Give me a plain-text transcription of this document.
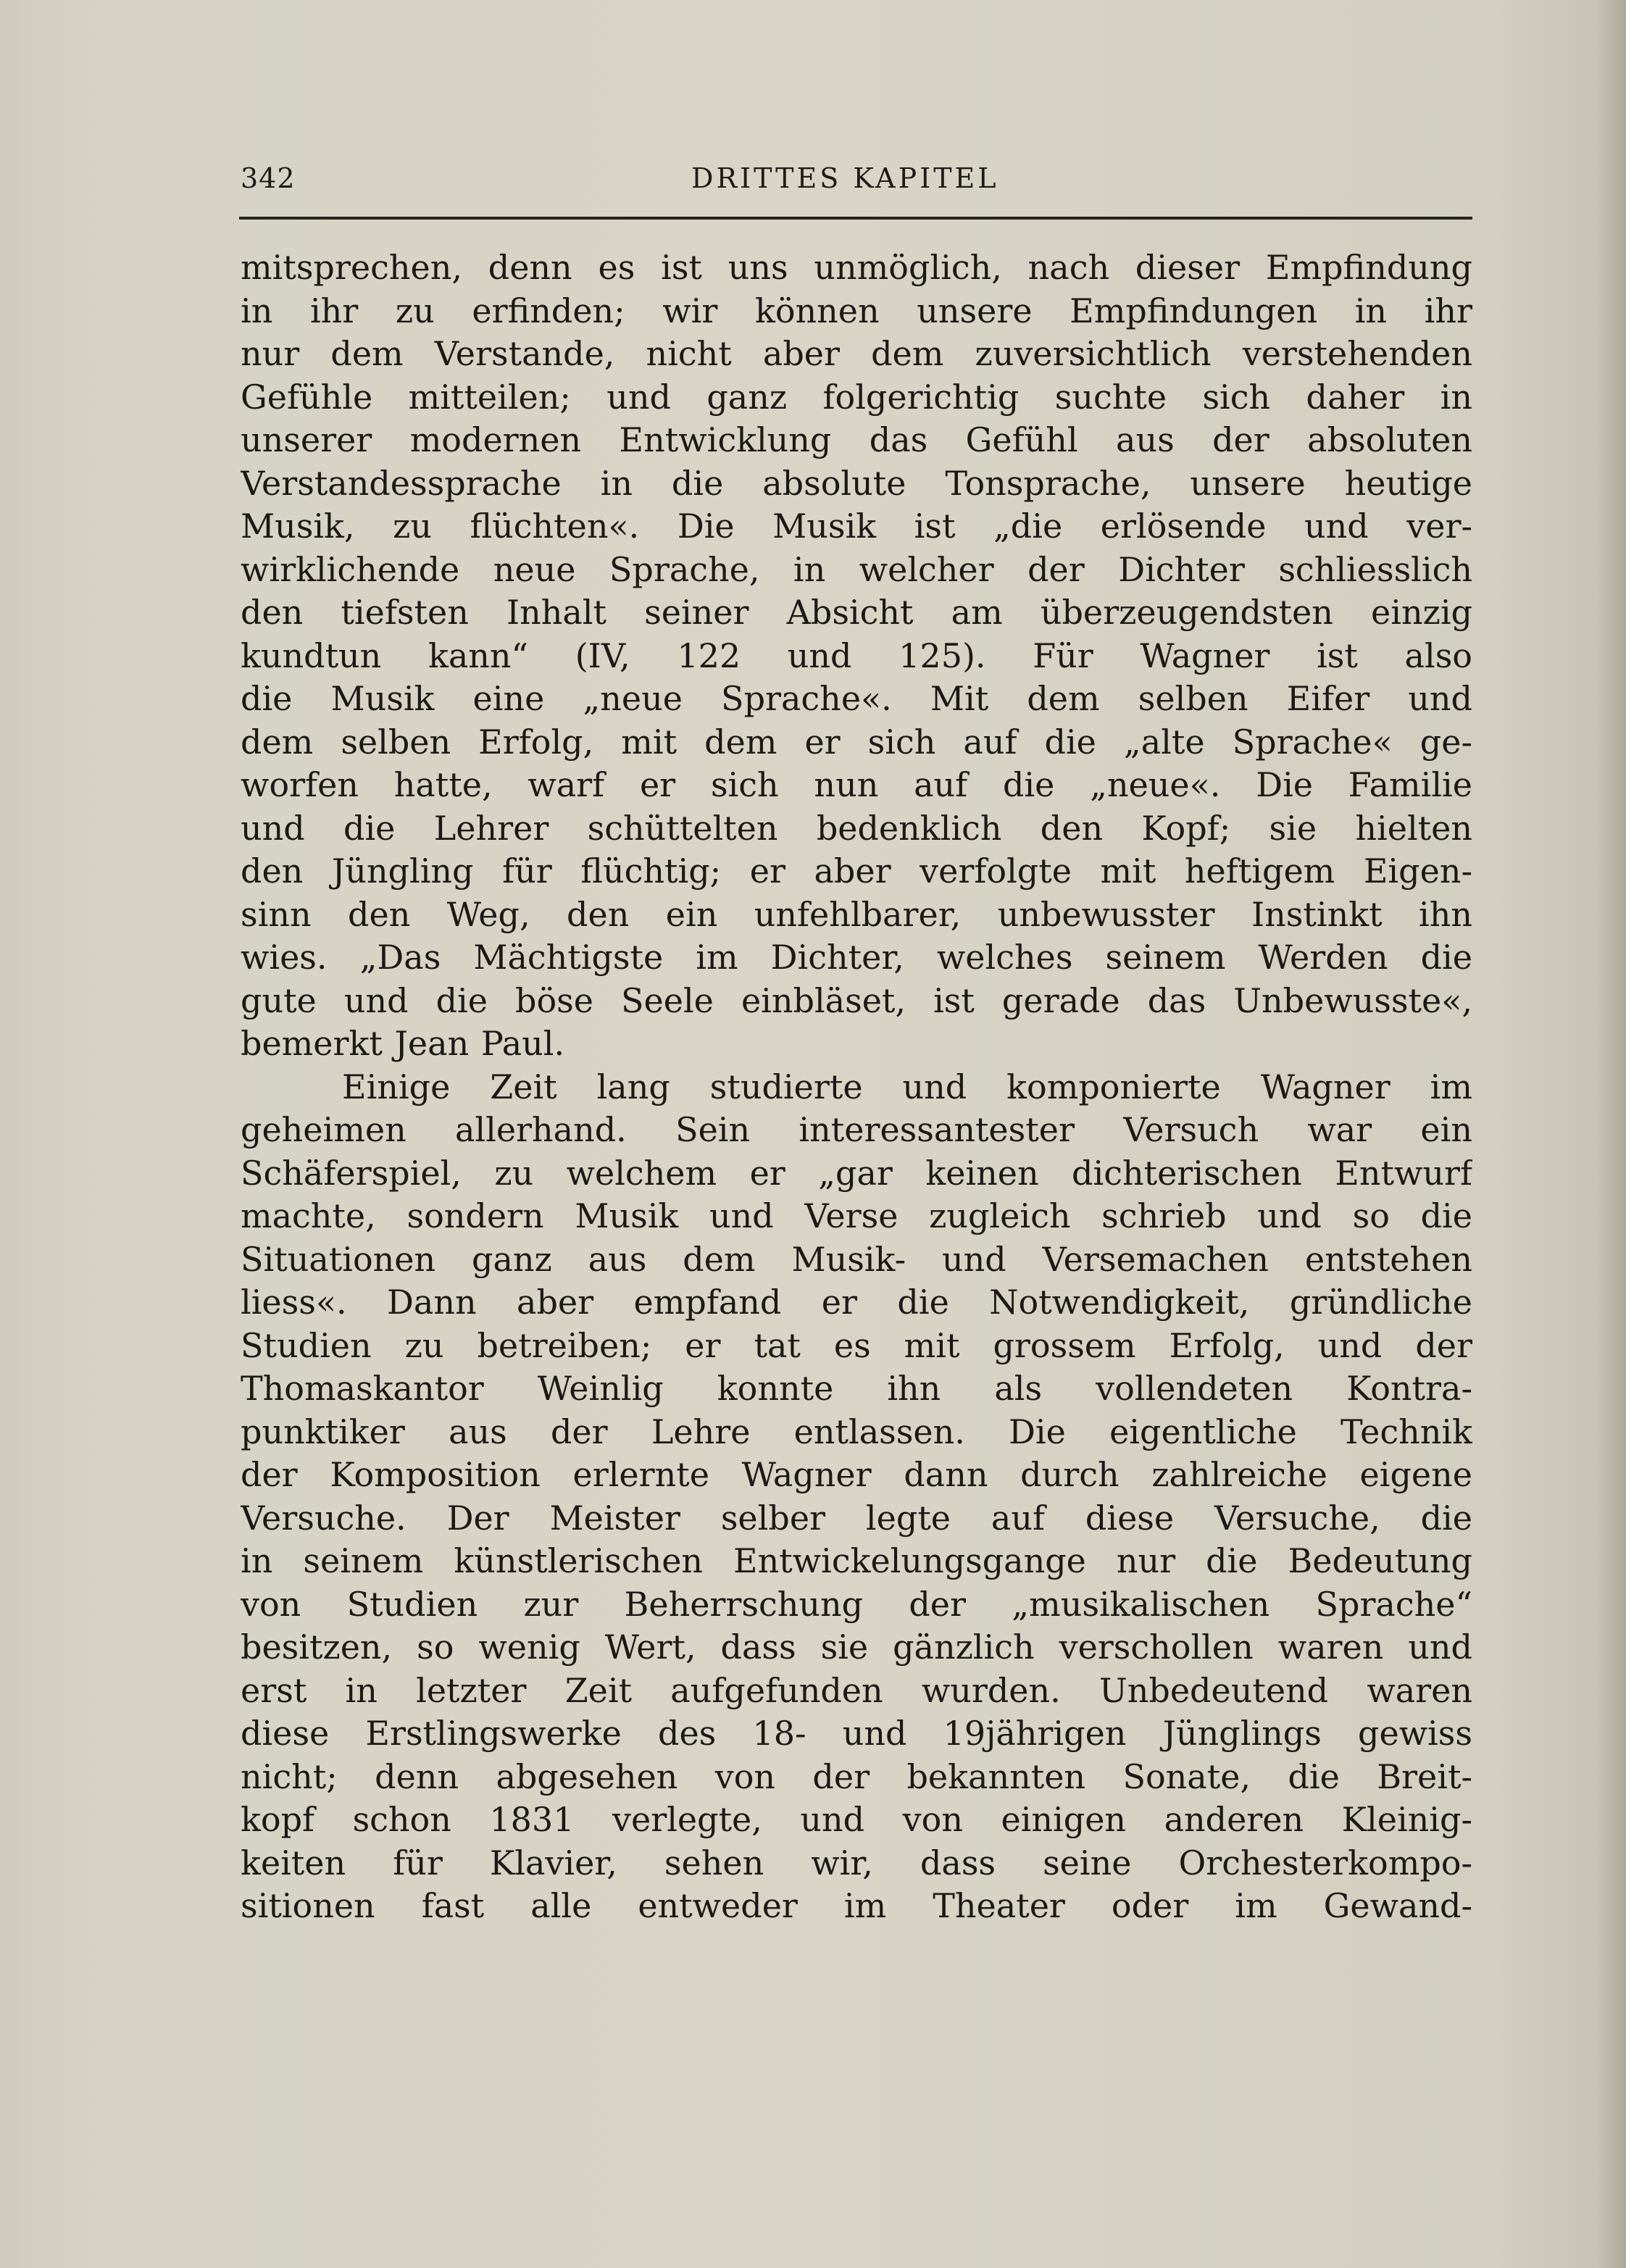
342	DRITTES KAPITEL
mitsprechen, denn es ist uns unmöglich, nach dieser Empfindung
in ihr zu erfinden; wir können unsere Empfindungen in ihr
nur dem Verstande, nicht aber dem zuversichtlich verstehenden
Gefühle mitteilen; und ganz folgerichtig suchte sich daher in
unserer modernen Entwicklung das Gefühl aus der absoluten
Verstandessprache in die absolute Tonsprache, unsere heutige
Musik, zu flüchten«. Die Musik ist „die erlösende und ver-
wirklichende neue Sprache, in welcher der Dichter schliesslich
den tiefsten Inhalt seiner Absicht am überzeugendsten einzig
kundtun kann“ (IV, 122 und 125). Für Wagner ist also
die Musik eine „neue Sprache«. Mit dem selben Eifer und
dem selben Erfolg, mit dem er sich auf die „alte Sprache« ge-
worfen hatte, warf er sich nun auf die „neue«. Die Familie
und die Lehrer schüttelten bedenklich den Kopf; sie hielten
den Jüngling für flüchtig; er aber verfolgte mit heftigem Eigen-
sinn den Weg, den ein unfehlbarer, unbewusster Instinkt ihn
wies. „Das Mächtigste im Dichter, welches seinem Werden die
gute und die böse Seele einbläset, ist gerade das Unbewusste«,
bemerkt Jean Paul.
Einige Zeit lang studierte und komponierte Wagner im
geheimen allerhand. Sein interessantester Versuch war ein
Schäferspiel, zu welchem er „gar keinen dichterischen Entwurf
machte, sondern Musik und Verse zugleich schrieb und so die
Situationen ganz aus dem Musik- und Versemachen entstehen
liess«. Dann aber empfand er die Notwendigkeit, gründliche
Studien zu betreiben; er tat es mit grossem Erfolg, und der
Thomaskantor Weinlig konnte ihn als vollendeten Kontra-
punktiker aus der Lehre entlassen. Die eigentliche Technik
der Komposition erlernte Wagner dann durch zahlreiche eigene
Versuche. Der Meister selber legte auf diese Versuche, die
in seinem künstlerischen Entwickelungsgange nur die Bedeutung
von Studien zur Beherrschung der „musikalischen Sprache“
besitzen, so wenig Wert, dass sie gänzlich verschollen waren und
erst in letzter Zeit aufgefunden wurden. Unbedeutend waren
diese Erstlingswerke des 18- und 19jährigen Jünglings gewiss
nicht; denn abgesehen von der bekannten Sonate, die Breit-
kopf schon 1831 verlegte, und von einigen anderen Kleinig-
keiten für Klavier, sehen wir, dass seine Orchesterkompo-
sitionen fast alle entweder im Theater oder im Gewand-
